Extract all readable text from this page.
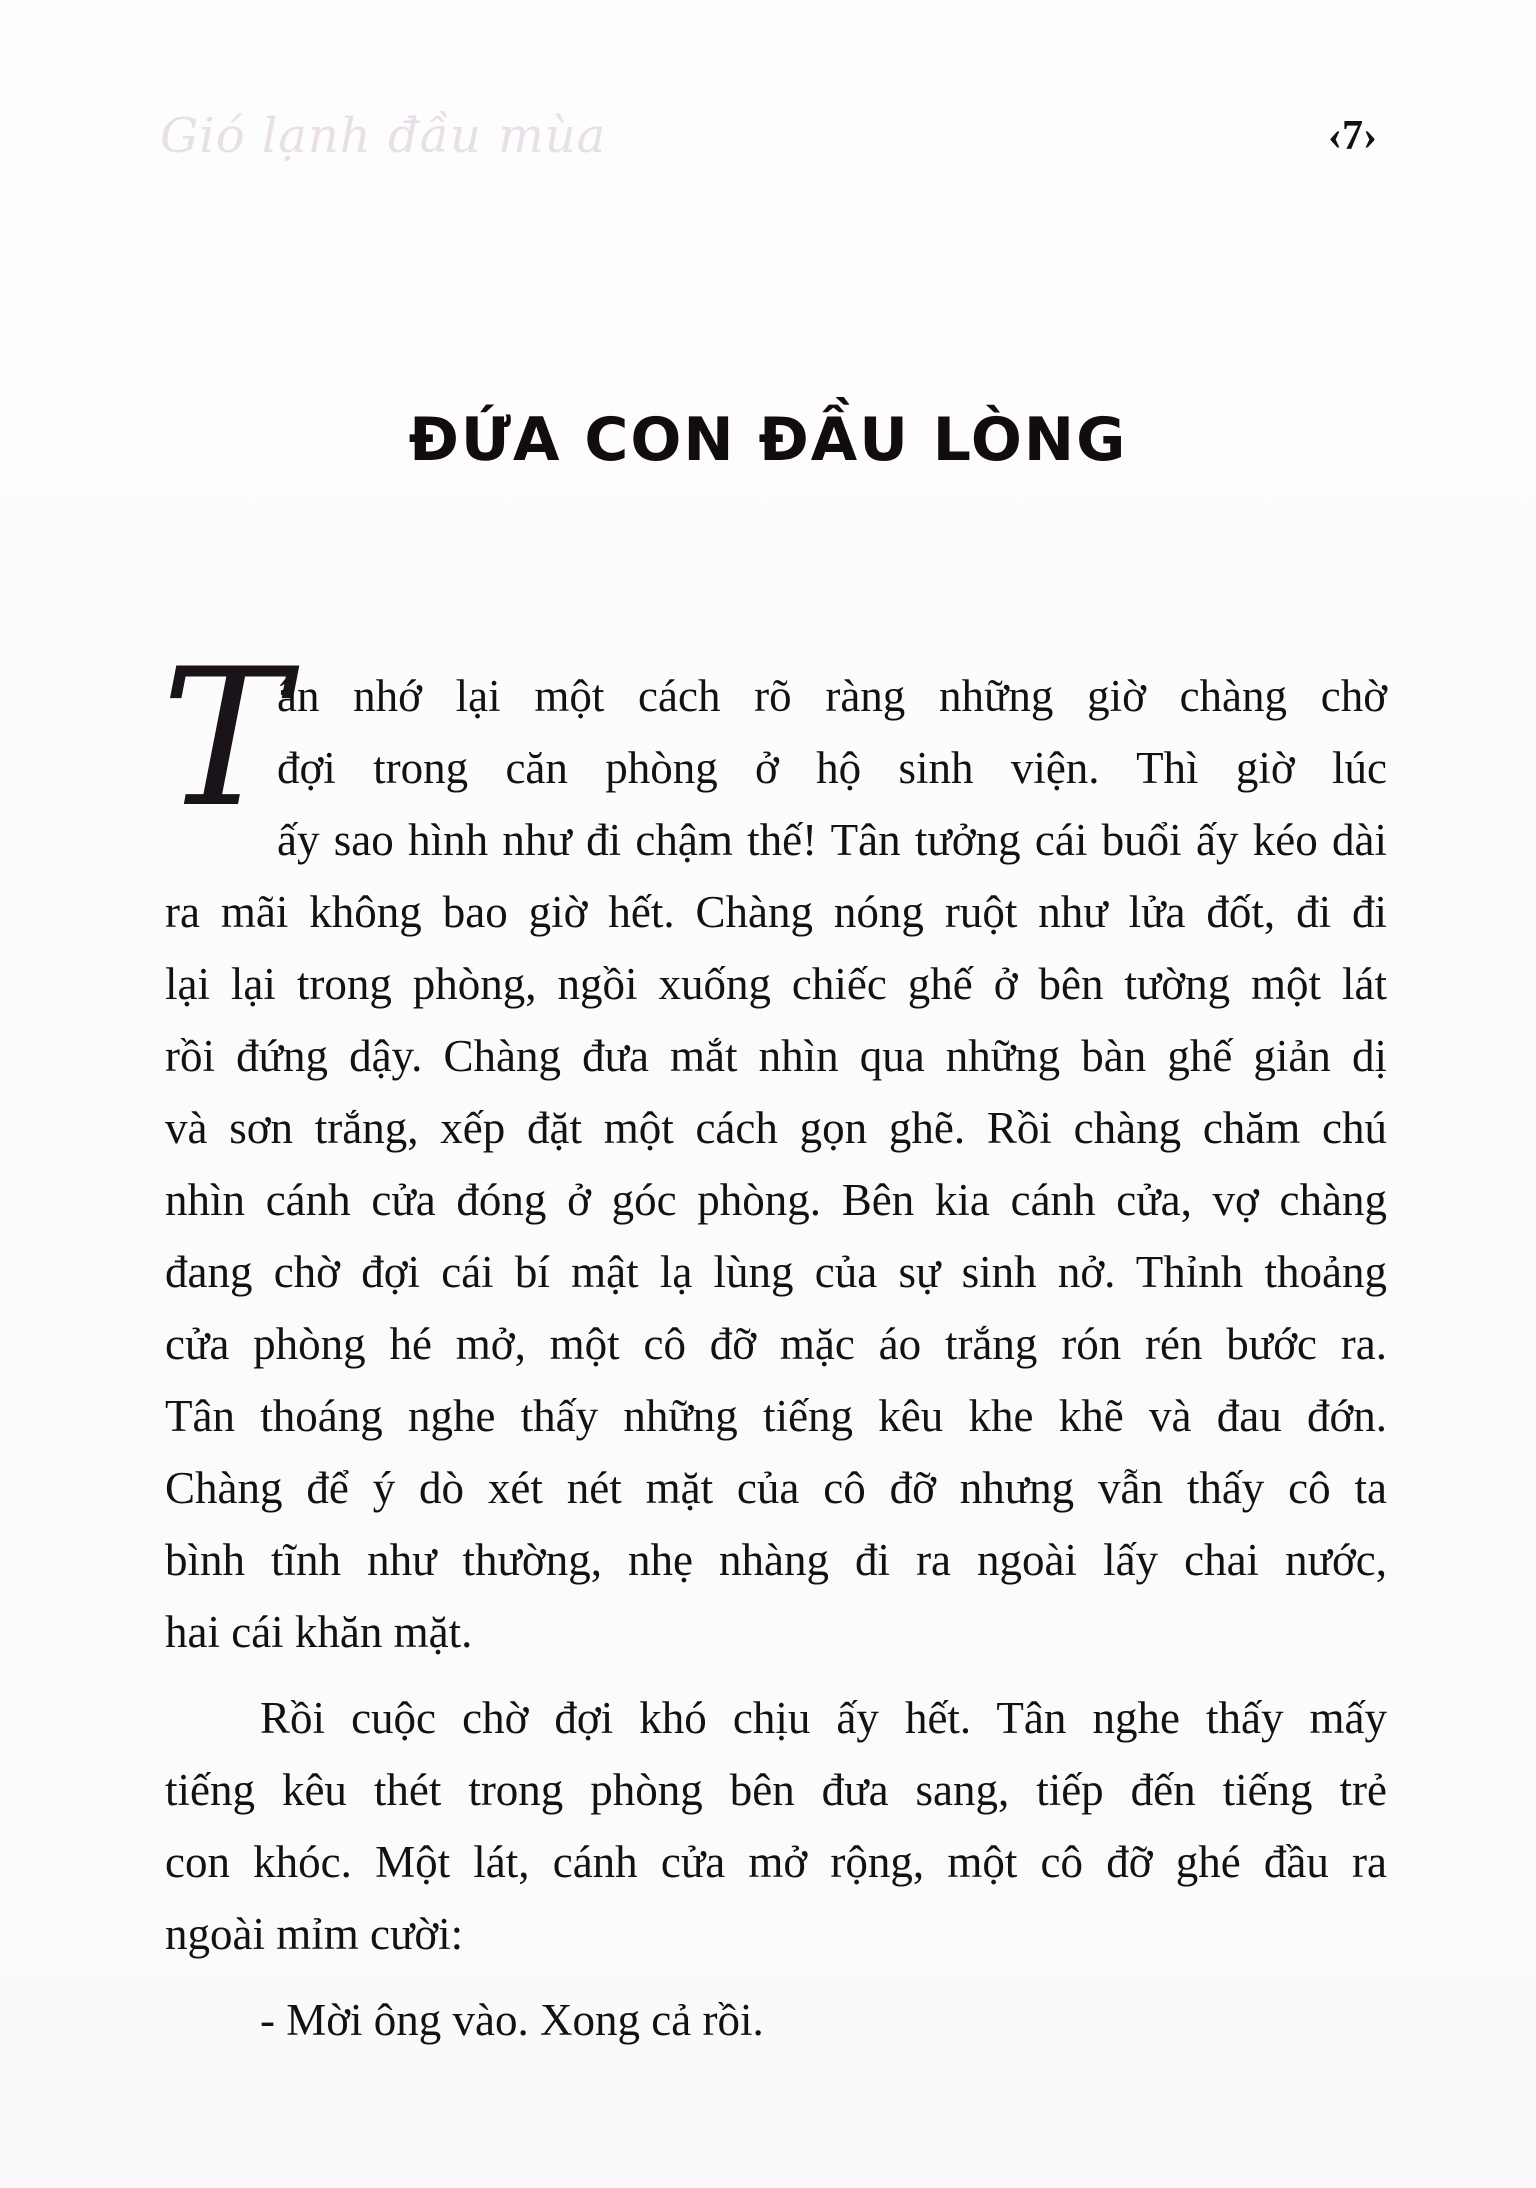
Gió lạnh đầu mùa	‹7›
ĐỨA CON ĐẦU LÒNG

T
ân nhớ lại một cách rõ ràng những giờ chàng chờ
đợi trong căn phòng ở hộ sinh viện. Thì giờ lúc
ấy sao hình như đi chậm thế! Tân tưởng cái buổi ấy kéo dài
ra mãi không bao giờ hết. Chàng nóng ruột như lửa đốt, đi đi
lại lại trong phòng, ngồi xuống chiếc ghế ở bên tường một lát
rồi đứng dậy. Chàng đưa mắt nhìn qua những bàn ghế giản dị
và sơn trắng, xếp đặt một cách gọn ghẽ. Rồi chàng chăm chú
nhìn cánh cửa đóng ở góc phòng. Bên kia cánh cửa, vợ chàng
đang chờ đợi cái bí mật lạ lùng của sự sinh nở. Thỉnh thoảng
cửa phòng hé mở, một cô đỡ mặc áo trắng rón rén bước ra.
Tân thoáng nghe thấy những tiếng kêu khe khẽ và đau đớn.
Chàng để ý dò xét nét mặt của cô đỡ nhưng vẫn thấy cô ta
bình tĩnh như thường, nhẹ nhàng đi ra ngoài lấy chai nước,
hai cái khăn mặt.

Rồi cuộc chờ đợi khó chịu ấy hết. Tân nghe thấy mấy
tiếng kêu thét trong phòng bên đưa sang, tiếp đến tiếng trẻ
con khóc. Một lát, cánh cửa mở rộng, một cô đỡ ghé đầu ra
ngoài mỉm cười:

- Mời ông vào. Xong cả rồi.
